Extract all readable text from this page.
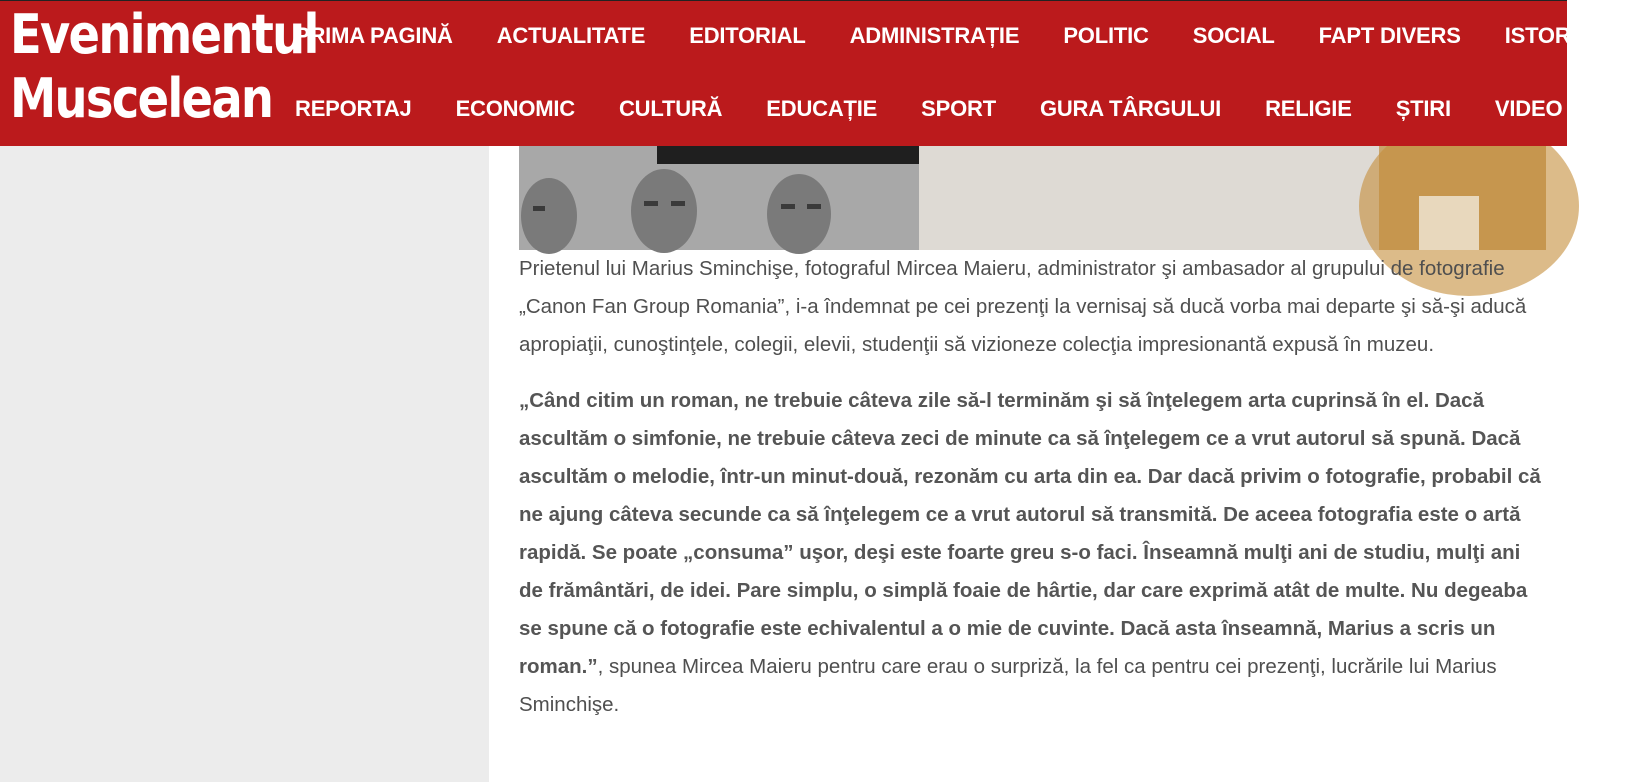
Evenimentul
Muscelean
PRIMA PAGINĂ ACTUALITATE EDITORIAL ADMINISTRAȚIE POLITIC SOCIAL FAPT DIVERS ISTORIA
REPORTAJ ECONOMIC CULTURĂ EDUCAȚIE SPORT GURA TÂRGULUI RELIGIE ȘTIRI VIDEO

Prietenul lui Marius Sminchişe, fotograful Mircea Maieru, administrator şi ambasador al grupului de fotografie „Canon Fan Group Romania”, i-a îndemnat pe cei prezenţi la vernisaj să ducă vorba mai departe şi să-şi aducă apropiaţii, cunoştinţele, colegii, elevii, studenţii să vizioneze colecţia impresionantă expusă în muzeu.

„Când citim un roman, ne trebuie câteva zile să-l terminăm şi să înţelegem arta cuprinsă în el. Dacă ascultăm o simfonie, ne trebuie câteva zeci de minute ca să înţelegem ce a vrut autorul să spună. Dacă ascultăm o melodie, într-un minut-două, rezonăm cu arta din ea. Dar dacă privim o fotografie, probabil că ne ajung câteva secunde ca să înţelegem ce a vrut autorul să transmită. De aceea fotografia este o artă rapidă. Se poate „consuma” uşor, deşi este foarte greu s-o faci. Înseamnă mulţi ani de studiu, mulţi ani de frământări, de idei. Pare simplu, o simplă foaie de hârtie, dar care exprimă atât de multe. Nu degeaba se spune că o fotografie este echivalentul a o mie de cuvinte. Dacă asta înseamnă, Marius a scris un roman.”, spunea Mircea Maieru pentru care erau o surpriză, la fel ca pentru cei prezenţi, lucrările lui Marius Sminchişe.
